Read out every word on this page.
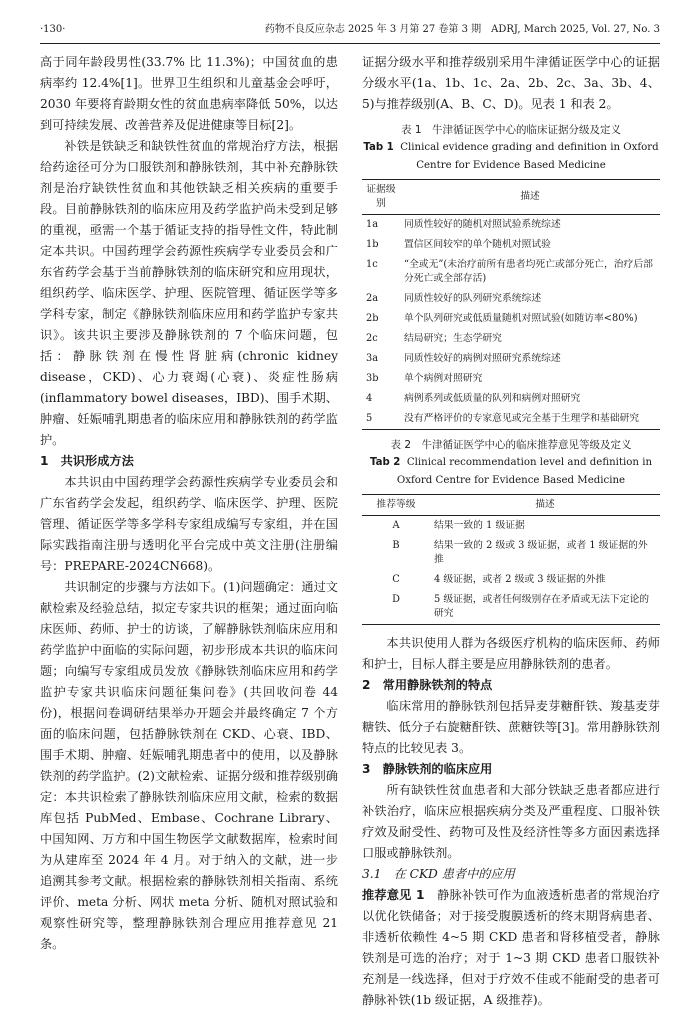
·130·	药物不良反应杂志 2025 年 3 月第 27 卷第 3 期　ADRJ, March 2025, Vol. 27, No. 3

高于同年龄段男性(33.7% 比 11.3%)；中国贫血的患病率约 12.4%[1]。世界卫生组织和儿童基金会呼吁，2030 年要将育龄期女性的贫血患病率降低 50%，以达到可持续发展、改善营养及促进健康等目标[2]。

补铁是铁缺乏和缺铁性贫血的常规治疗方法，根据给药途径可分为口服铁剂和静脉铁剂，其中补充静脉铁剂是治疗缺铁性贫血和其他铁缺乏相关疾病的重要手段。目前静脉铁剂的临床应用及药学监护尚未受到足够的重视，亟需一个基于循证支持的指导性文件，特此制定本共识。中国药理学会药源性疾病学专业委员会和广东省药学会基于当前静脉铁剂的临床研究和应用现状，组织药学、临床医学、护理、医院管理、循证医学等多学科专家，制定《静脉铁剂临床应用和药学监护专家共识》。该共识主要涉及静脉铁剂的 7 个临床问题，包括：静脉铁剂在慢性肾脏病(chronic kidney disease，CKD)、心力衰竭(心衰)、炎症性肠病(inflammatory bowel diseases，IBD)、围手术期、肿瘤、妊娠哺乳期患者的临床应用和静脉铁剂的药学监护。

1　共识形成方法

本共识由中国药理学会药源性疾病学专业委员会和广东省药学会发起，组织药学、临床医学、护理、医院管理、循证医学等多学科专家组成编写专家组，并在国际实践指南注册与透明化平台完成中英文注册(注册编号：PREPARE-2024CN668)。

共识制定的步骤与方法如下。(1)问题确定：通过文献检索及经验总结，拟定专家共识的框架；通过面向临床医师、药师、护士的访谈，了解静脉铁剂临床应用和药学监护中面临的实际问题，初步形成本共识的临床问题；向编写专家组成员发放《静脉铁剂临床应用和药学监护专家共识临床问题征集问卷》(共回收问卷 44 份)，根据问卷调研结果举办开题会并最终确定 7 个方面的临床问题，包括静脉铁剂在 CKD、心衰、IBD、围手术期、肿瘤、妊娠哺乳期患者中的使用，以及静脉铁剂的药学监护。(2)文献检索、证据分级和推荐级别确定：本共识检索了静脉铁剂临床应用文献，检索的数据库包括 PubMed、Embase、Cochrane Library、中国知网、万方和中国生物医学文献数据库，检索时间为从建库至 2024 年 4 月。对于纳入的文献，进一步追溯其参考文献。根据检索的静脉铁剂相关指南、系统评价、meta 分析、网状 meta 分析、随机对照试验和观察性研究等，整理静脉铁剂合理应用推荐意见 21 条。

证据分级水平和推荐级别采用牛津循证医学中心的证据分级水平(1a、1b、1c、2a、2b、2c、3a、3b、4、5)与推荐级别(A、B、C、D)。见表 1 和表 2。

表 1　牛津循证医学中心的临床证据分级及定义
Tab 1 Clinical evidence grading and definition in Oxford Centre for Evidence Based Medicine
证据级别	描述
1a	同质性较好的随机对照试验系统综述
1b	置信区间较窄的单个随机对照试验
1c	“全或无”(未治疗前所有患者均死亡或部分死亡，治疗后部分死亡或全部存活)
2a	同质性较好的队列研究系统综述
2b	单个队列研究或低质量随机对照试验(如随访率<80%)
2c	结局研究；生态学研究
3a	同质性较好的病例对照研究系统综述
3b	单个病例对照研究
4	病例系列或低质量的队列和病例对照研究
5	没有严格评价的专家意见或完全基于生理学和基础研究
表 2　牛津循证医学中心的临床推荐意见等级及定义
Tab 2 Clinical recommendation level and definition in Oxford Centre for Evidence Based Medicine
推荐等级	描述
A	结果一致的 1 级证据
B	结果一致的 2 级或 3 级证据，或者 1 级证据的外推
C	4 级证据，或者 2 级或 3 级证据的外推
D	5 级证据，或者任何级别存在矛盾或无法下定论的研究

本共识使用人群为各级医疗机构的临床医师、药师和护士，目标人群主要是应用静脉铁剂的患者。

2　常用静脉铁剂的特点

临床常用的静脉铁剂包括异麦芽糖酐铁、羧基麦芽糖铁、低分子右旋糖酐铁、蔗糖铁等[3]。常用静脉铁剂特点的比较见表 3。

3　静脉铁剂的临床应用

所有缺铁性贫血患者和大部分铁缺乏患者都应进行补铁治疗，临床应根据疾病分类及严重程度、口服补铁疗效及耐受性、药物可及性及经济性等多方面因素选择口服或静脉铁剂。

3.1　在 CKD 患者中的应用

推荐意见 1　静脉补铁可作为血液透析患者的常规治疗以优化铁储备；对于接受腹膜透析的终末期肾病患者、非透析依赖性 4~5 期 CKD 患者和肾移植受者，静脉铁剂是可选的治疗；对于 1~3 期 CKD 患者口服铁补充剂是一线选择，但对于疗效不佳或不能耐受的患者可静脉补铁(1b 级证据，A 级推荐)。
